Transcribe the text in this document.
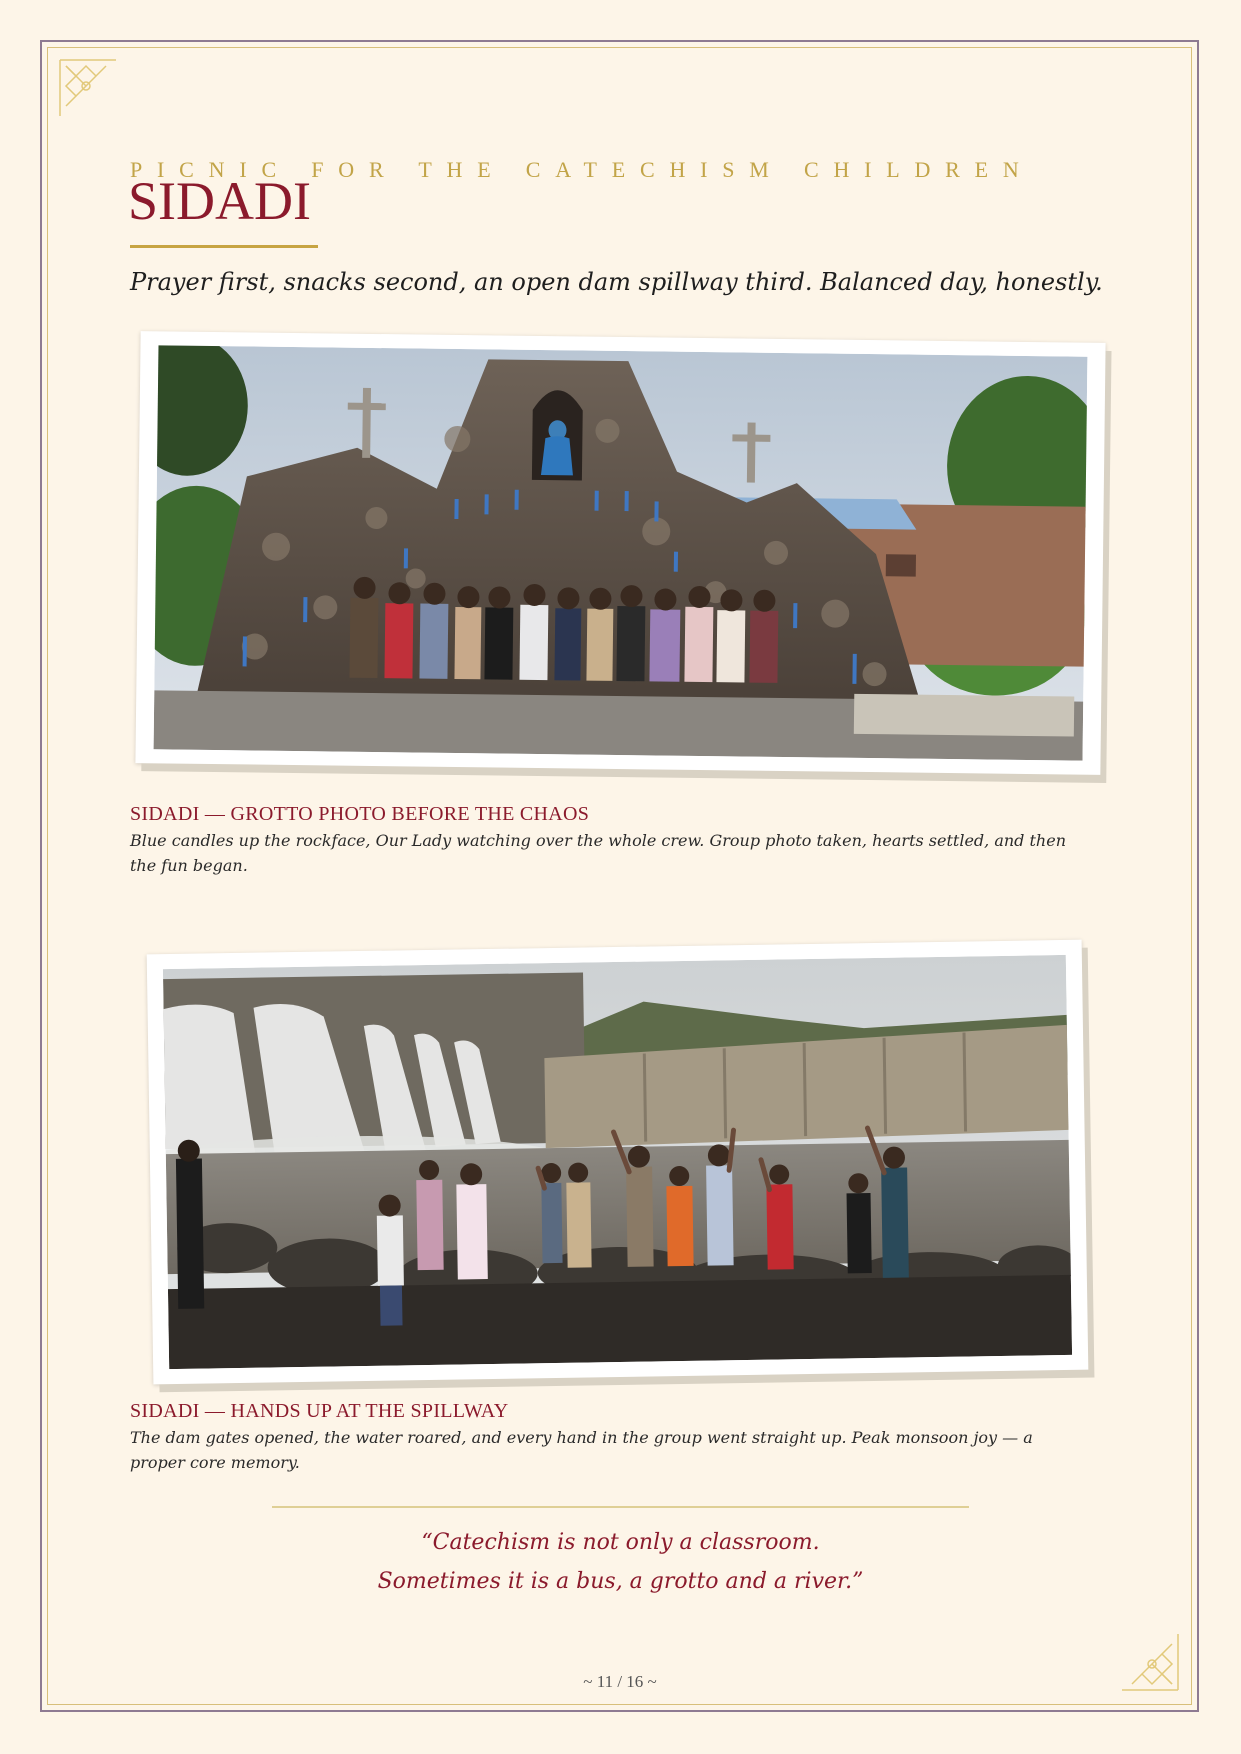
PICNIC FOR THE CATECHISM CHILDREN
SIDADI
Prayer first, snacks second, an open dam spillway third. Balanced day, honestly.
SIDADI — GROTTO PHOTO BEFORE THE CHAOS
Blue candles up the rockface, Our Lady watching over the whole crew. Group photo taken, hearts settled, and then the fun began.
SIDADI — HANDS UP AT THE SPILLWAY
The dam gates opened, the water roared, and every hand in the group went straight up. Peak monsoon joy — a proper core memory.
“Catechism is not only a classroom.
Sometimes it is a bus, a grotto and a river.”
~ 11 / 16 ~
